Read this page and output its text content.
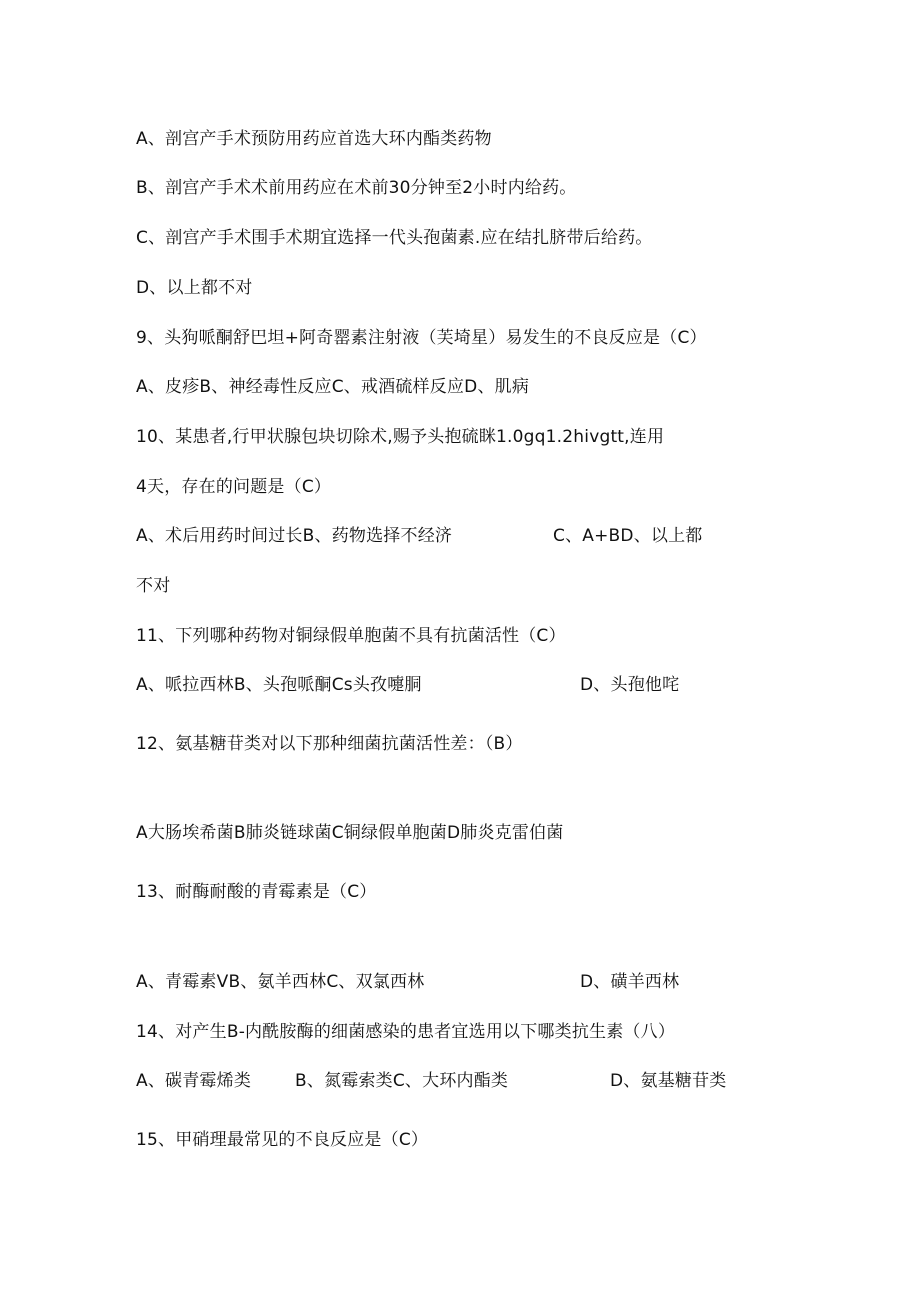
A、剖宫产手术预防用药应首选大环内酯类药物
B、剖宫产手术术前用药应在术前30分钟至2小时内给药。
C、剖宫产手术围手术期宜选择一代头孢菌素.应在结扎脐带后给药。
D、以上都不对
9、头狗哌酮舒巴坦+阿奇罂素注射液（芙埼星）易发生的不良反应是（C）
A、皮疹B、神经毒性反应C、戒酒硫样反应D、肌病
10、某患者,行甲状腺包块切除术,赐予头抱硫眯1.0gq1.2hivgtt,连用
4天，存在的问题是（C）
A、术后用药时间过长B、药物选择不经济	C、A+BD、以上都
不对
11、下列哪种药物对铜绿假单胞菌不具有抗菌活性（C）
A、哌拉西林B、头孢哌酮Cs头孜嚏胴	D、头孢他咤
12、氨基糖苷类对以下那种细菌抗菌活性差：（B）
A大肠埃希菌B肺炎链球菌C铜绿假单胞菌D肺炎克雷伯菌
13、耐酶耐酸的青霉素是（C）
A、青霉素VB、氨羊西林C、双氯西林	D、磺羊西林
14、对产生B-内酰胺酶的细菌感染的患者宜选用以下哪类抗生素（八）
A、碳青霉烯类	B、氮霉索类C、大环内酯类	D、氨基糖苷类
15、甲硝理最常见的不良反应是（C）
